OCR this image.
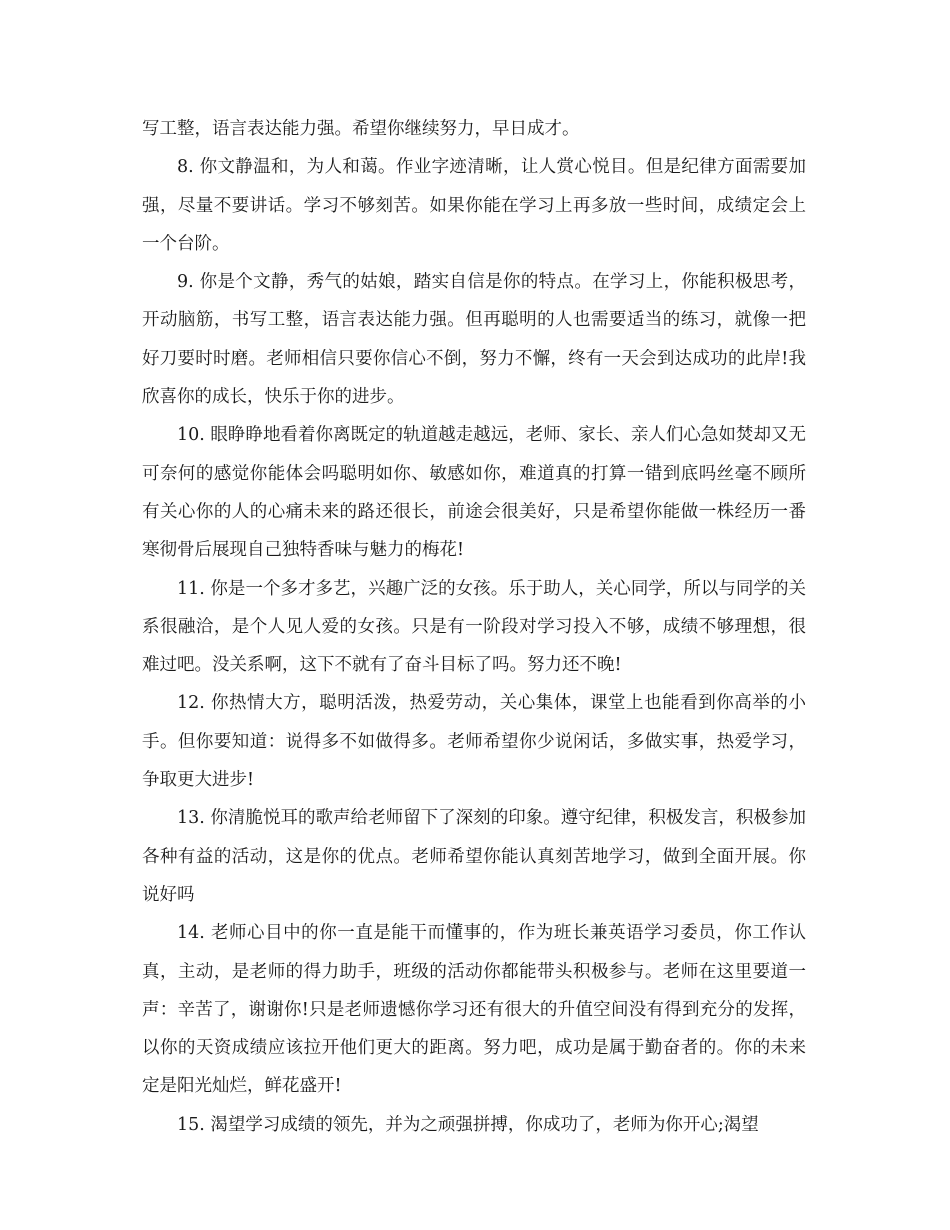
写工整，语言表达能力强。希望你继续努力，早日成才。

8. 你文静温和，为人和蔼。作业字迹清晰，让人赏心悦目。但是纪律方面需要加强，尽量不要讲话。学习不够刻苦。如果你能在学习上再多放一些时间，成绩定会上一个台阶。

9. 你是个文静，秀气的姑娘，踏实自信是你的特点。在学习上，你能积极思考，开动脑筋，书写工整，语言表达能力强。但再聪明的人也需要适当的练习，就像一把好刀要时时磨。老师相信只要你信心不倒，努力不懈，终有一天会到达成功的此岸!我欣喜你的成长，快乐于你的进步。

10. 眼睁睁地看着你离既定的轨道越走越远，老师、家长、亲人们心急如焚却又无可奈何的感觉你能体会吗聪明如你、敏感如你，难道真的打算一错到底吗丝毫不顾所有关心你的人的心痛未来的路还很长，前途会很美好，只是希望你能做一株经历一番寒彻骨后展现自己独特香味与魅力的梅花!

11. 你是一个多才多艺，兴趣广泛的女孩。乐于助人，关心同学，所以与同学的关系很融洽，是个人见人爱的女孩。只是有一阶段对学习投入不够，成绩不够理想，很难过吧。没关系啊，这下不就有了奋斗目标了吗。努力还不晚!

12. 你热情大方，聪明活泼，热爱劳动，关心集体，课堂上也能看到你高举的小手。但你要知道：说得多不如做得多。老师希望你少说闲话，多做实事，热爱学习，争取更大进步!

13. 你清脆悦耳的歌声给老师留下了深刻的印象。遵守纪律，积极发言，积极参加各种有益的活动，这是你的优点。老师希望你能认真刻苦地学习，做到全面开展。你说好吗

14. 老师心目中的你一直是能干而懂事的，作为班长兼英语学习委员，你工作认真，主动，是老师的得力助手，班级的活动你都能带头积极参与。老师在这里要道一声：辛苦了，谢谢你!只是老师遗憾你学习还有很大的升值空间没有得到充分的发挥，以你的天资成绩应该拉开他们更大的距离。努力吧，成功是属于勤奋者的。你的未来定是阳光灿烂，鲜花盛开!

15. 渴望学习成绩的领先，并为之顽强拼搏，你成功了，老师为你开心;渴望
